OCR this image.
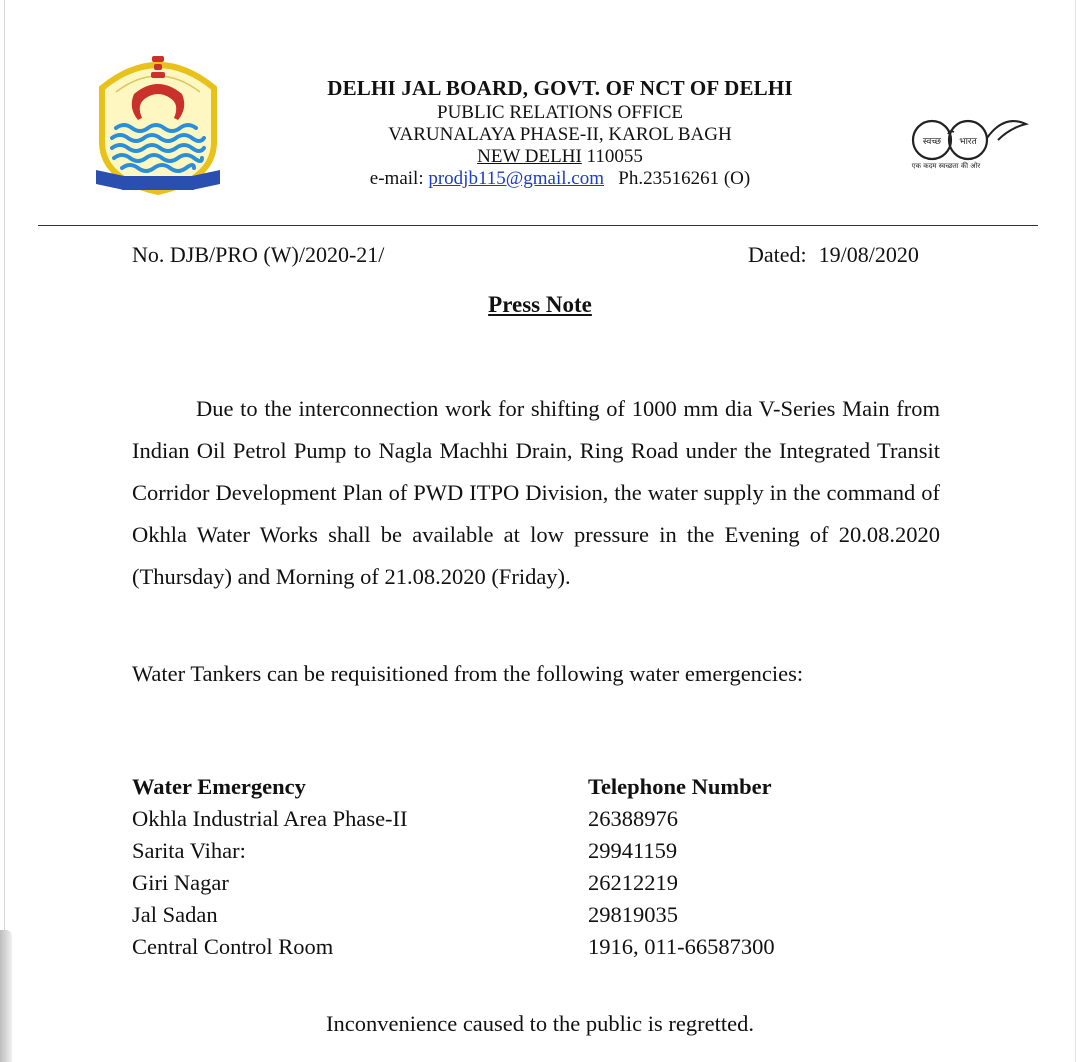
DELHI JAL BOARD, GOVT. OF NCT OF DELHI
PUBLIC RELATIONS OFFICE
VARUNALAYA PHASE-II, KAROL BAGH
NEW DELHI 110055
e-mail: prodjb115@gmail.com Ph.23516261 (O)
स्वच्छ भारत
एक कदम स्वच्छता की ओर
No. DJB/PRO (W)/2020-21/	Dated: 19/08/2020
Press Note

Due to the interconnection work for shifting of 1000 mm dia V-Series Main from Indian Oil Petrol Pump to Nagla Machhi Drain, Ring Road under the Integrated Transit Corridor Development Plan of PWD ITPO Division, the water supply in the command of Okhla Water Works shall be available at low pressure in the Evening of 20.08.2020 (Thursday) and Morning of 21.08.2020 (Friday).

Water Tankers can be requisitioned from the following water emergencies:

Water Emergency	Telephone Number
Okhla Industrial Area Phase-II	26388976
Sarita Vihar:	29941159
Giri Nagar	26212219
Jal Sadan	29819035
Central Control Room	1916, 011-66587300

Inconvenience caused to the public is regretted.
